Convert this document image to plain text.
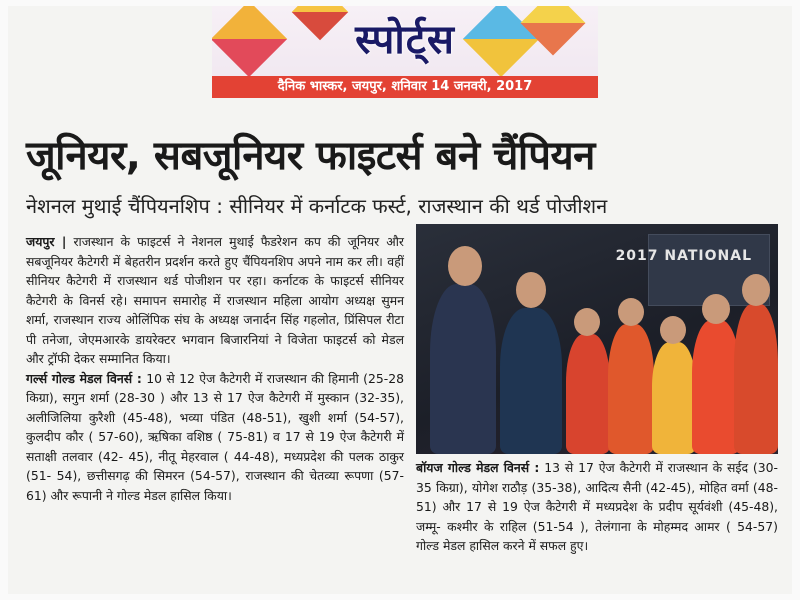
स्पोर्ट्स
दैनिक भास्कर, जयपुर, शनिवार 14 जनवरी, 2017
जूनियर, सबजूनियर फाइटर्स बने चैंपियन
नेशनल मुथाई चैंपियनशिप : सीनियर में कर्नाटक फर्स्ट, राजस्थान की थर्ड पोजीशन

जयपुर | राजस्थान के फाइटर्स ने नेशनल मुथाई फैडरेशन कप की जूनियर और सबजूनियर कैटेगरी में बेहतरीन प्रदर्शन करते हुए चैंपियनशिप अपने नाम कर ली। वहीं सीनियर कैटेगरी में राजस्थान थर्ड पोजीशन पर रहा। कर्नाटक के फाइटर्स सीनियर कैटेगरी के विनर्स रहे। समापन समारोह में राजस्थान महिला आयोग अध्यक्ष सुमन शर्मा, राजस्थान राज्य ओलिंपिक संघ के अध्यक्ष जनार्दन सिंह गहलोत, प्रिंसिपल रीटा पी तनेजा, जेएमआरके डायरेक्टर भगवान बिजारनियां ने विजेता फाइटर्स को मेडल और ट्रॉफी देकर सम्मानित किया।

गर्ल्स गोल्ड मेडल विनर्स : 10 से 12 ऐज कैटेगरी में राजस्थान की हिमानी (25-28 किग्रा), सगुन शर्मा (28-30 ) और 13 से 17 ऐज कैटेगरी में मुस्कान (32-35), अलीजिलिया कुरैशी (45-48), भव्या पंडित (48-51), खुशी शर्मा (54-57), कुलदीप कौर ( 57-60), ऋषिका वशिष्ठ ( 75-81) व 17 से 19 ऐज कैटेगरी में सताक्षी तलवार (42- 45), नीतू मेहरवाल ( 44-48), मध्यप्रदेश की पलक ठाकुर (51- 54), छत्तीसगढ़ की सिमरन (54-57), राजस्थान की चेतव्या रूपणा (57-61) और रूपानी ने गोल्ड मेडल हासिल किया।

2017 NATIONAL

बॉयज गोल्ड मेडल विनर्स : 13 से 17 ऐज कैटेगरी में राजस्थान के सईद (30-35 किग्रा), योगेश राठौड़ (35-38), आदित्य सैनी (42-45), मोहित वर्मा (48-51) और 17 से 19 ऐज कैटेगरी में मध्यप्रदेश के प्रदीप सूर्यवंशी (45-48), जम्मू- कश्मीर के राहिल (51-54 ), तेलंगाना के मोहम्मद आमर ( 54-57) गोल्ड मेडल हासिल करने में सफल हुए।
